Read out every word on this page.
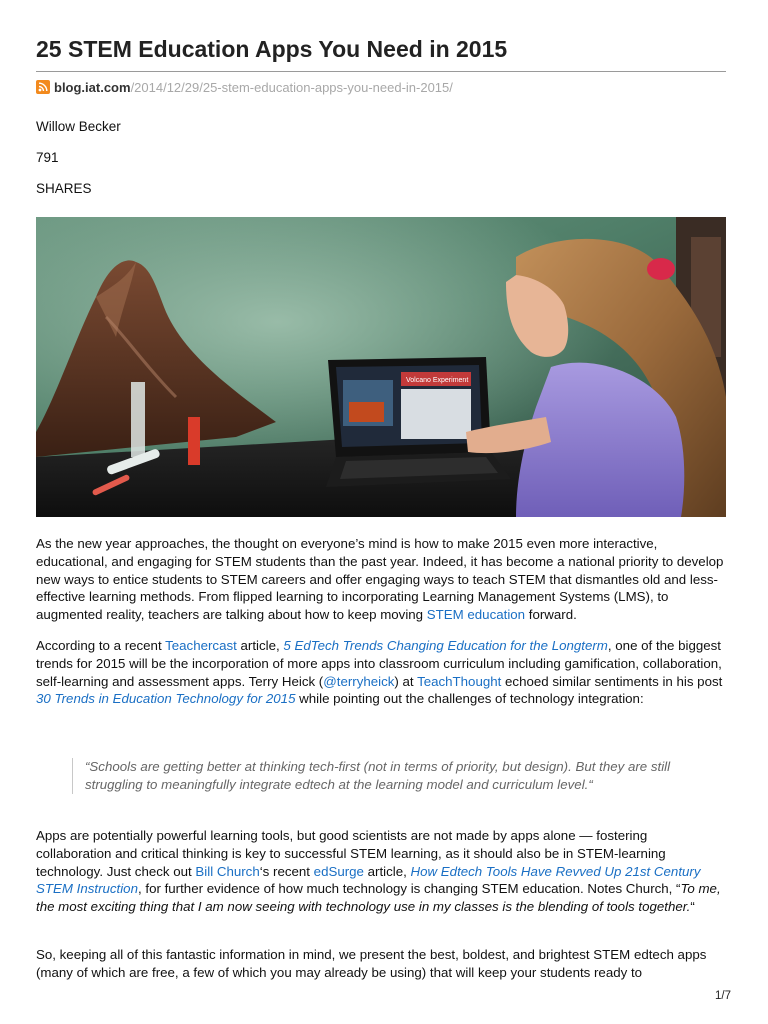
25 STEM Education Apps You Need in 2015
blog.iat.com/2014/12/29/25-stem-education-apps-you-need-in-2015/
Willow Becker
791
SHARES
Volcano Experiment

As the new year approaches, the thought on everyone’s mind is how to make 2015 even more interactive, educational, and engaging for STEM students than the past year. Indeed, it has become a national priority to develop new ways to entice students to STEM careers and offer engaging ways to teach STEM that dismantles old and less-effective learning methods. From flipped learning to incorporating Learning Management Systems (LMS), to augmented reality, teachers are talking about how to keep moving STEM education forward.

According to a recent Teachercast article, 5 EdTech Trends Changing Education for the Longterm, one of the biggest trends for 2015 will be the incorporation of more apps into classroom curriculum including gamification, collaboration, self-learning and assessment apps. Terry Heick (@terryheick) at TeachThought echoed similar sentiments in his post 30 Trends in Education Technology for 2015 while pointing out the challenges of technology integration:

“Schools are getting better at thinking tech-first (not in terms of priority, but design). But they are still struggling to meaningfully integrate edtech at the learning model and curriculum level.“

Apps are potentially powerful learning tools, but good scientists are not made by apps alone — fostering collaboration and critical thinking is key to successful STEM learning, as it should also be in STEM-learning technology. Just check out Bill Church‘s recent edSurge article, How Edtech Tools Have Revved Up 21st Century STEM Instruction, for further evidence of how much technology is changing STEM education. Notes Church, “To me, the most exciting thing that I am now seeing with technology use in my classes is the blending of tools together.“

So, keeping all of this fantastic information in mind, we present the best, boldest, and brightest STEM edtech apps (many of which are free, a few of which you may already be using) that will keep your students ready to

1/7
